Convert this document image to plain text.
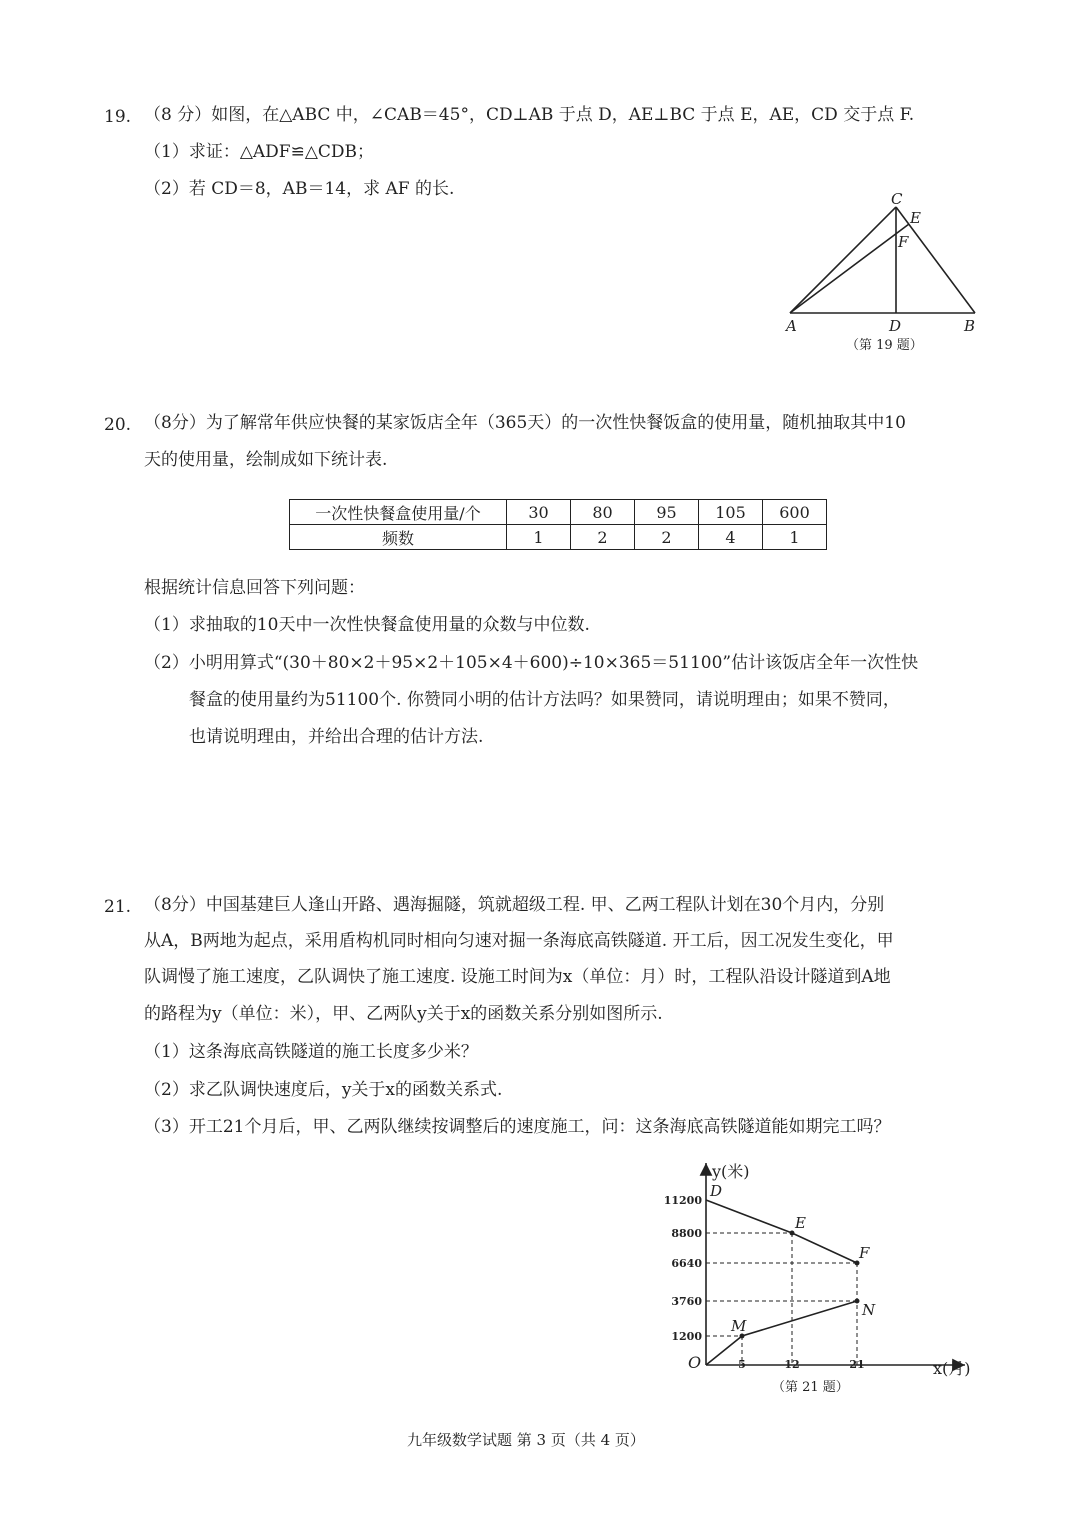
19. （8 分）如图，在△ABC 中，∠CAB＝45°，CD⊥AB 于点 D，AE⊥BC 于点 E，AE，CD 交于点 F.
（1）求证：△ADF≌△CDB；
（2）若 CD＝8，AB＝14，求 AF 的长.	C
E
F
A	D	B
（第 19 题）
20. （8分）为了解常年供应快餐的某家饭店全年（365天）的一次性快餐饭盒的使用量，随机抽取其中10
天的使用量，绘制成如下统计表.
一次性快餐盒使用量/个	30	80	95	105	600
频数	1	2	2	4	1
根据统计信息回答下列问题：
（1）求抽取的10天中一次性快餐盒使用量的众数与中位数.
（2）小明用算式“(30＋80×2＋95×2＋105×4＋600)÷10×365＝51100”估计该饭店全年一次性快
餐盒的使用量约为51100个. 你赞同小明的估计方法吗？如果赞同，请说明理由；如果不赞同，
也请说明理由，并给出合理的估计方法.
21. （8分）中国基建巨人逢山开路、遇海掘隧，筑就超级工程. 甲、乙两工程队计划在30个月内，分别
从A，B两地为起点，采用盾构机同时相向匀速对掘一条海底高铁隧道. 开工后，因工况发生变化，甲
队调慢了施工速度，乙队调快了施工速度. 设施工时间为x（单位：月）时，工程队沿设计隧道到A地
的路程为y（单位：米），甲、乙两队y关于x的函数关系分别如图所示.
（1）这条海底高铁隧道的施工长度多少米？
（2）求乙队调快速度后，y关于x的函数关系式.
（3）开工21个月后，甲、乙两队继续按调整后的速度施工，问：这条海底高铁隧道能如期完工吗？
y(米)
x(月)
O
11200
8800
6640
3760
1200
5	12	21
D
E
F
M
N
（第 21 题）
九年级数学试题 第 3 页（共 4 页）
